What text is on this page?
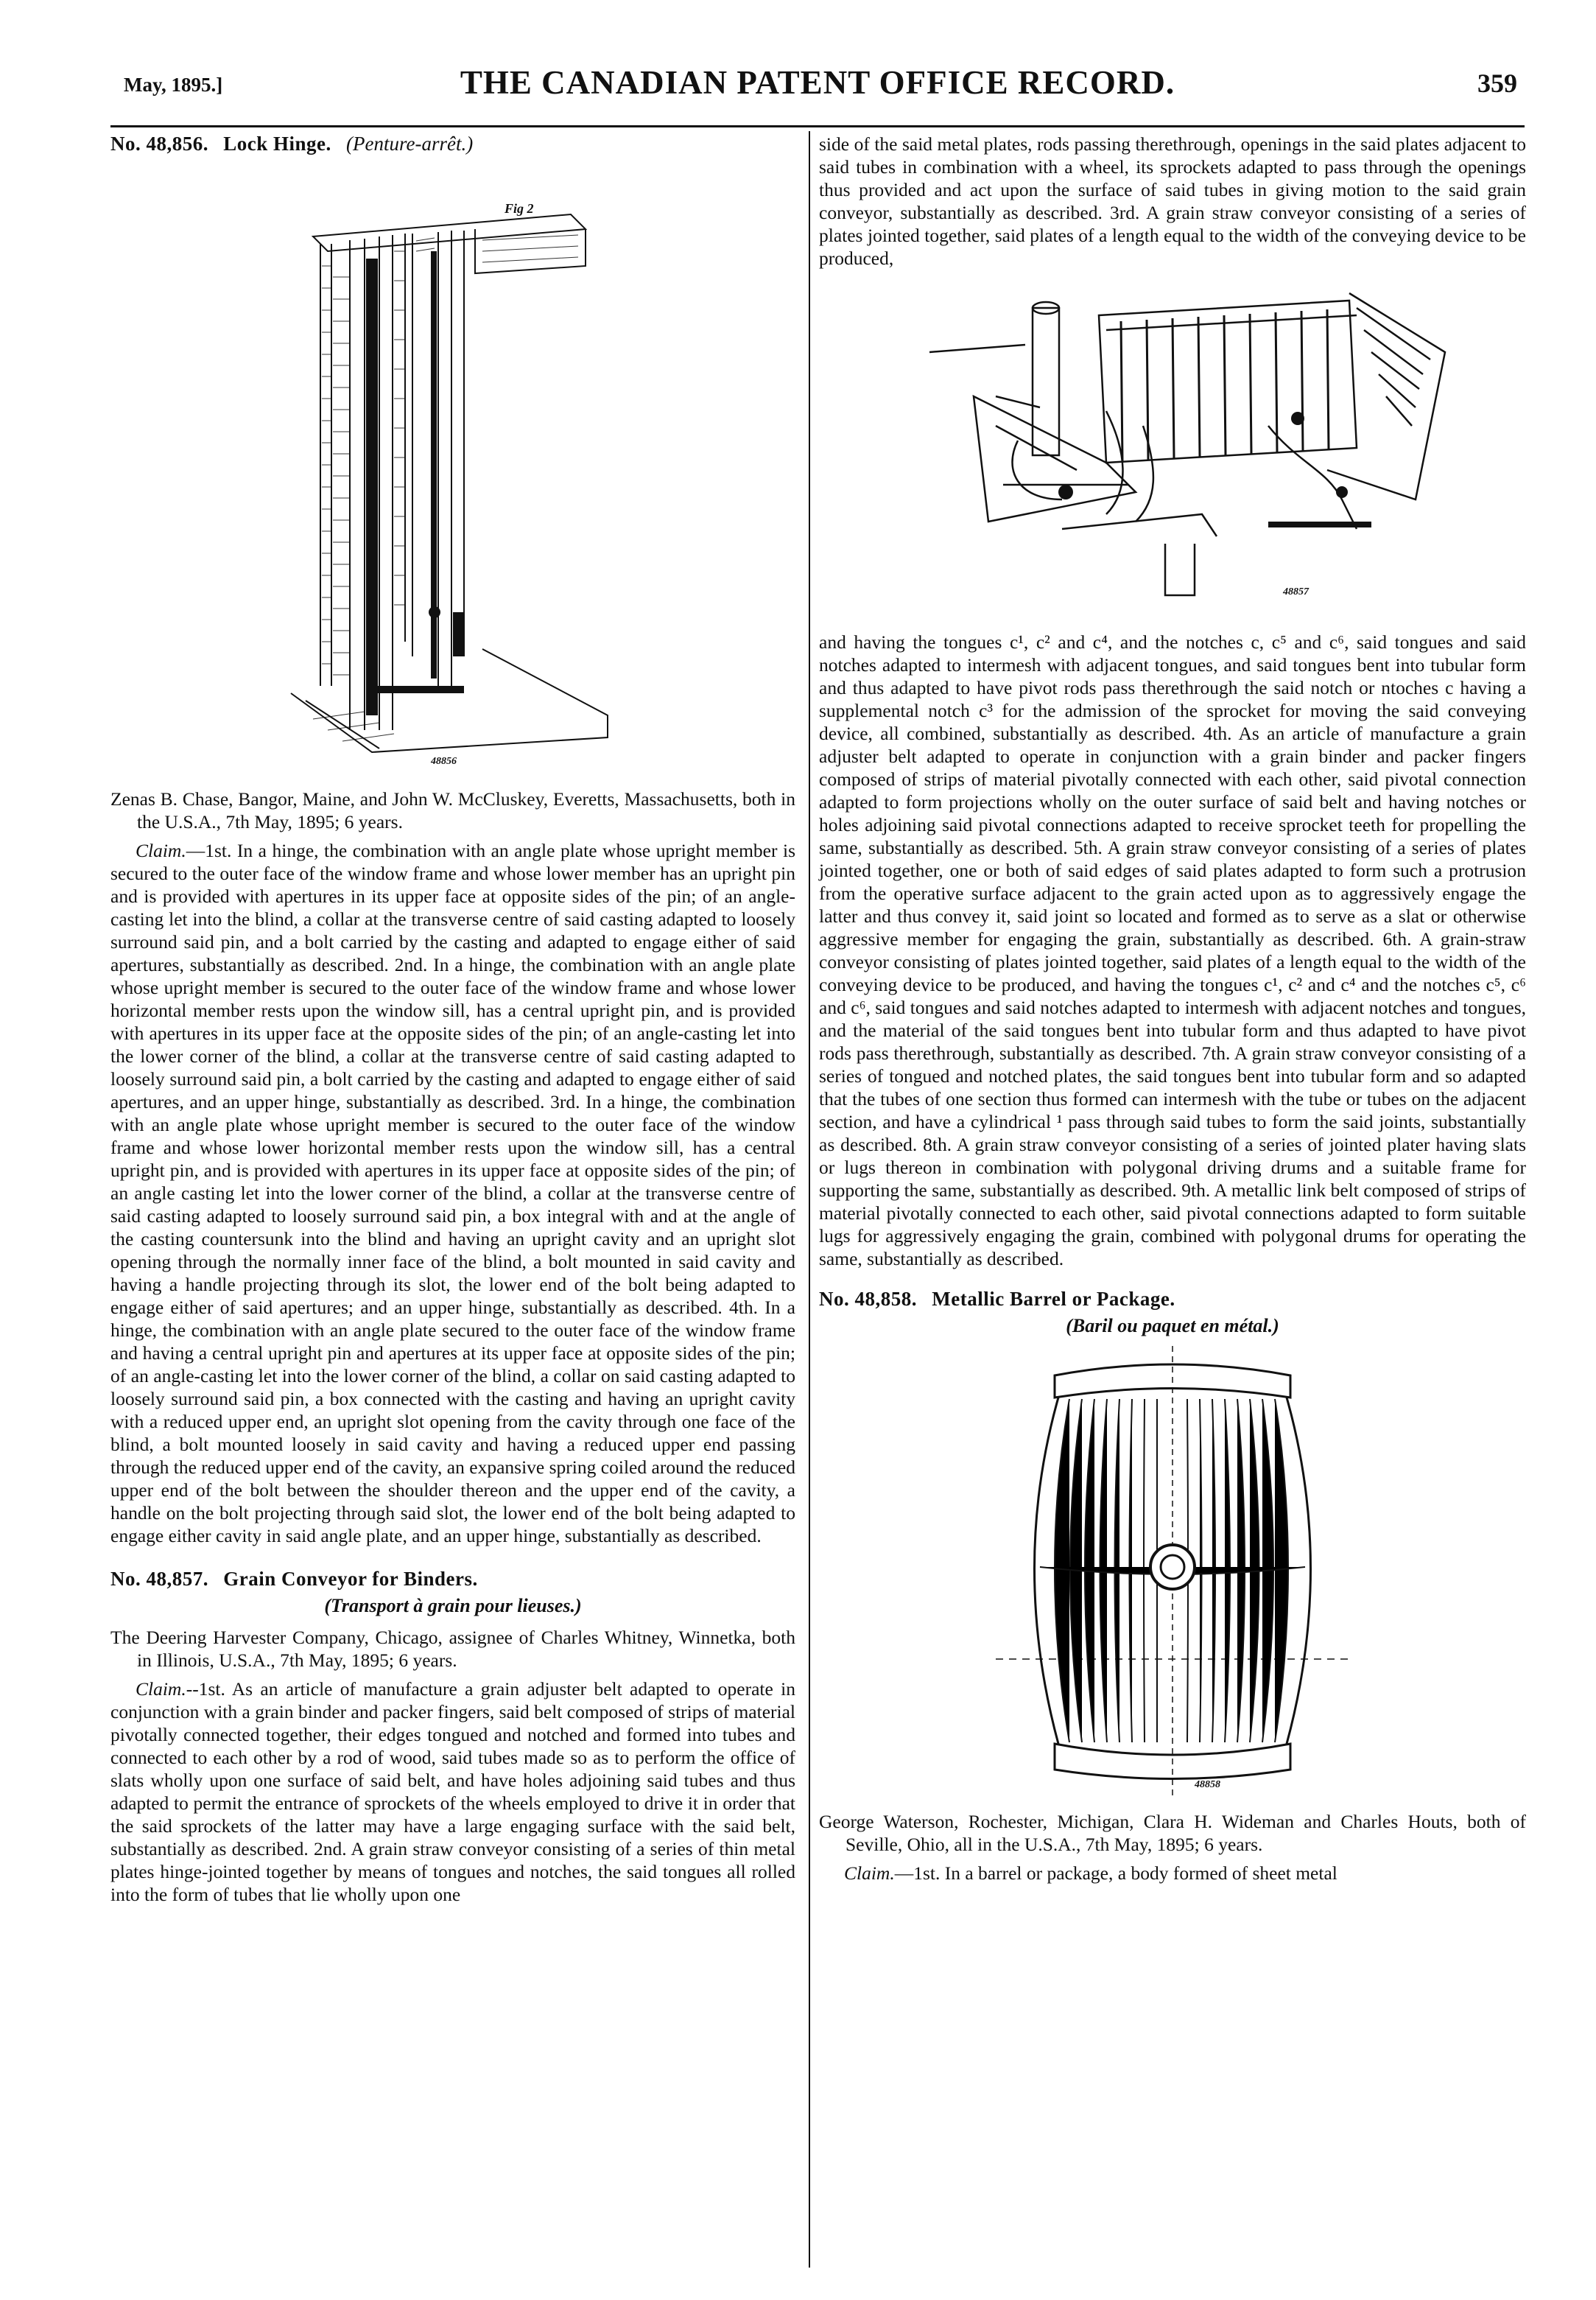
May, 1895.]	THE CANADIAN PATENT OFFICE RECORD.	359
No. 48,856. Lock Hinge. (Penture-arrêt.)
Fig 2
48856

Zenas B. Chase, Bangor, Maine, and John W. McCluskey, Everetts, Massachusetts, both in the U.S.A., 7th May, 1895; 6 years.

Claim.—1st. In a hinge, the combination with an angle plate whose upright member is secured to the outer face of the window frame and whose lower member has an upright pin and is provided with apertures in its upper face at opposite sides of the pin; of an angle-casting let into the blind, a collar at the transverse centre of said casting adapted to loosely surround said pin, and a bolt carried by the casting and adapted to engage either of said apertures, substantially as described. 2nd. In a hinge, the combination with an angle plate whose upright member is secured to the outer face of the window frame and whose lower horizontal member rests upon the window sill, has a central upright pin, and is provided with apertures in its upper face at the opposite sides of the pin; of an angle-casting let into the lower corner of the blind, a collar at the transverse centre of said casting adapted to loosely surround said pin, a bolt carried by the casting and adapted to engage either of said apertures, and an upper hinge, substantially as described. 3rd. In a hinge, the combination with an angle plate whose upright member is secured to the outer face of the window frame and whose lower horizontal member rests upon the window sill, has a central upright pin, and is provided with apertures in its upper face at opposite sides of the pin; of an angle casting let into the lower corner of the blind, a collar at the transverse centre of said casting adapted to loosely surround said pin, a box integral with and at the angle of the casting countersunk into the blind and having an upright cavity and an upright slot opening through the normally inner face of the blind, a bolt mounted in said cavity and having a handle projecting through its slot, the lower end of the bolt being adapted to engage either of said apertures; and an upper hinge, substantially as described. 4th. In a hinge, the combination with an angle plate secured to the outer face of the window frame and having a central upright pin and apertures at its upper face at opposite sides of the pin; of an angle-casting let into the lower corner of the blind, a collar on said casting adapted to loosely surround said pin, a box connected with the casting and having an upright cavity with a reduced upper end, an upright slot opening from the cavity through one face of the blind, a bolt mounted loosely in said cavity and having a reduced upper end passing through the reduced upper end of the cavity, an expansive spring coiled around the reduced upper end of the bolt between the shoulder thereon and the upper end of the cavity, a handle on the bolt projecting through said slot, the lower end of the bolt being adapted to engage either cavity in said angle plate, and an upper hinge, substantially as described.

No. 48,857. Grain Conveyor for Binders.
(Transport à grain pour lieuses.)

The Deering Harvester Company, Chicago, assignee of Charles Whitney, Winnetka, both in Illinois, U.S.A., 7th May, 1895; 6 years.

Claim.--1st. As an article of manufacture a grain adjuster belt adapted to operate in conjunction with a grain binder and packer fingers, said belt composed of strips of material pivotally connected together, their edges tongued and notched and formed into tubes and connected to each other by a rod of wood, said tubes made so as to perform the office of slats wholly upon one surface of said belt, and have holes adjoining said tubes and thus adapted to permit the entrance of sprockets of the wheels employed to drive it in order that the said sprockets of the latter may have a large engaging surface with the said belt, substantially as described. 2nd. A grain straw conveyor consisting of a series of thin metal plates hinge-jointed together by means of tongues and notches, the said tongues all rolled into the form of tubes that lie wholly upon one

side of the said metal plates, rods passing therethrough, openings in the said plates adjacent to said tubes in combination with a wheel, its sprockets adapted to pass through the openings thus provided and act upon the surface of said tubes in giving motion to the said grain conveyor, substantially as described. 3rd. A grain straw conveyor consisting of a series of plates jointed together, said plates of a length equal to the width of the conveying device to be produced,

48857

and having the tongues c¹, c² and c⁴, and the notches c, c⁵ and c⁶, said tongues and said notches adapted to intermesh with adjacent tongues, and said tongues bent into tubular form and thus adapted to have pivot rods pass therethrough the said notch or ntoches c having a supplemental notch c³ for the admission of the sprocket for moving the said conveying device, all combined, substantially as described. 4th. As an article of manufacture a grain adjuster belt adapted to operate in conjunction with a grain binder and packer fingers composed of strips of material pivotally connected with each other, said pivotal connection adapted to form projections wholly on the outer surface of said belt and having notches or holes adjoining said pivotal connections adapted to receive sprocket teeth for propelling the same, substantially as described. 5th. A grain straw conveyor consisting of a series of plates jointed together, one or both of said edges of said plates adapted to form such a protrusion from the operative surface adjacent to the grain acted upon as to aggressively engage the latter and thus convey it, said joint so located and formed as to serve as a slat or otherwise aggressive member for engaging the grain, substantially as described. 6th. A grain-straw conveyor consisting of plates jointed together, said plates of a length equal to the width of the conveying device to be produced, and having the tongues c¹, c² and c⁴ and the notches c⁵, c⁶ and c⁶, said tongues and said notches adapted to intermesh with adjacent notches and tongues, and the material of the said tongues bent into tubular form and thus adapted to have pivot rods pass therethrough, substantially as described. 7th. A grain straw conveyor consisting of a series of tongued and notched plates, the said tongues bent into tubular form and so adapted that the tubes of one section thus formed can intermesh with the tube or tubes on the adjacent section, and have a cylindrical ¹ pass through said tubes to form the said joints, substantially as described. 8th. A grain straw conveyor consisting of a series of jointed plater having slats or lugs thereon in combination with polygonal driving drums and a suitable frame for supporting the same, substantially as described. 9th. A metallic link belt composed of strips of material pivotally connected to each other, said pivotal connections adapted to form suitable lugs for aggressively engaging the grain, combined with polygonal drums for operating the same, substantially as described.

No. 48,858. Metallic Barrel or Package.
(Baril ou paquet en métal.)
48858

George Waterson, Rochester, Michigan, Clara H. Wideman and Charles Houts, both of Seville, Ohio, all in the U.S.A., 7th May, 1895; 6 years.

Claim.—1st. In a barrel or package, a body formed of sheet metal
